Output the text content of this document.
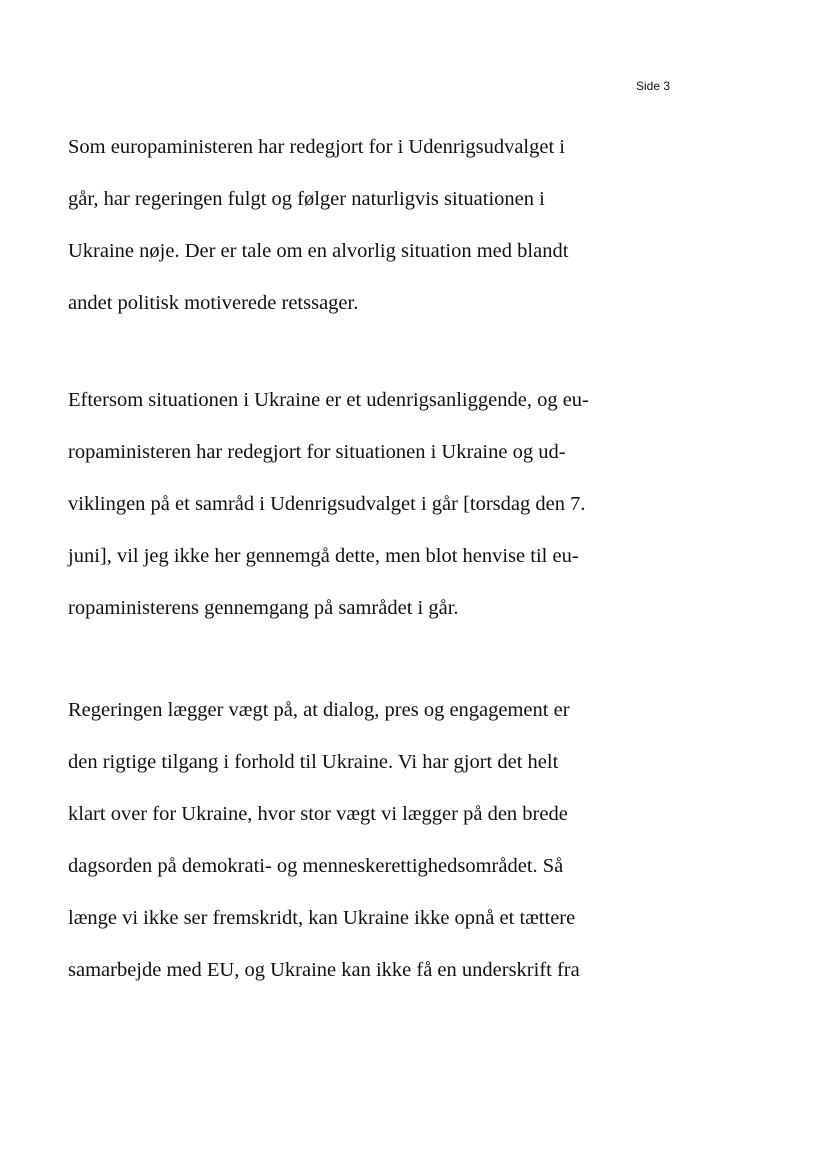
Side 3
Som europaministeren har redegjort for i Udenrigsudvalget i
går, har regeringen fulgt og følger naturligvis situationen i
Ukraine nøje. Der er tale om en alvorlig situation med blandt
andet politisk motiverede retssager.
Eftersom situationen i Ukraine er et udenrigsanliggende, og eu-
ropaministeren har redegjort for situationen i Ukraine og ud-
viklingen på et samråd i Udenrigsudvalget i går [torsdag den 7.
juni], vil jeg ikke her gennemgå dette, men blot henvise til eu-
ropaministerens gennemgang på samrådet i går.
Regeringen lægger vægt på, at dialog, pres og engagement er
den rigtige tilgang i forhold til Ukraine. Vi har gjort det helt
klart over for Ukraine, hvor stor vægt vi lægger på den brede
dagsorden på demokrati- og menneskerettighedsområdet. Så
længe vi ikke ser fremskridt, kan Ukraine ikke opnå et tættere
samarbejde med EU, og Ukraine kan ikke få en underskrift fra
